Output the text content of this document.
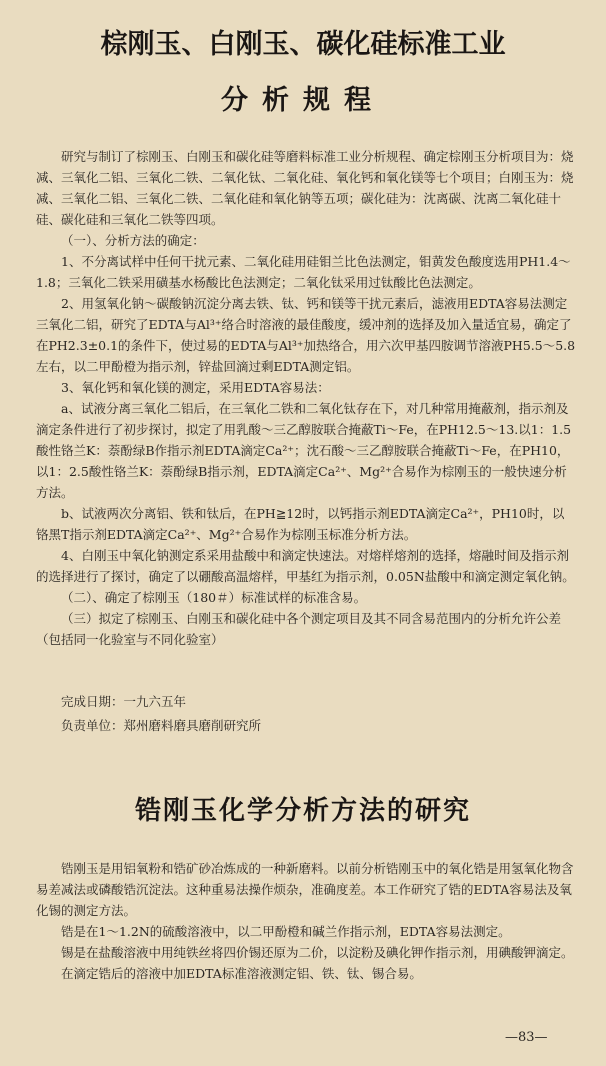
棕刚玉、白刚玉、碳化硅标准工业
分析规程

研究与制订了棕刚玉、白刚玉和碳化硅等磨料标准工业分析规程、确定棕刚玉分析项目为：烧减、三氧化二铝、三氧化二铁、二氧化钛、二氧化硅、氧化钙和氧化镁等七个项目；白刚玉为：烧减、三氧化二铝、三氧化二铁、二氧化硅和氧化钠等五项；碳化硅为：沈离碳、沈离二氧化硅十硅、碳化硅和三氧化二铁等四项。

（一）、分析方法的确定：

1、不分离试样中任何干扰元素、二氧化硅用硅钼兰比色法测定，钼黄发色酸度选用PH1.4～1.8；三氧化二铁采用磺基水杨酸比色法测定；二氧化钛采用过钛酸比色法测定。

2、用氢氧化钠～碳酸钠沉淀分离去铁、钛、钙和镁等干扰元素后，滤液用EDTA容易法测定三氧化二铝，研究了EDTA与Al³⁺络合时溶液的最佳酸度，缓冲剂的选择及加入量适宜易，确定了在PH2.3±0.1的条件下，使过易的EDTA与Al³⁺加热络合，用六次甲基四胺调节溶液PH5.5～5.8左右，以二甲酚橙为指示剂，锌盐回滴过剩EDTA测定铝。

3、氧化钙和氧化镁的测定，采用EDTA容易法：

a、试液分离三氧化二铝后，在三氧化二铁和二氧化钛存在下，对几种常用掩蔽剂，指示剂及滴定条件进行了初步探讨，拟定了用乳酸～三乙醇胺联合掩蔽Ti～Fe，在PH12.5～13.以1：1.5酸性铬兰K：萘酚绿B作指示剂EDTA滴定Ca²⁺；沈石酸～三乙醇胺联合掩蔽Ti～Fe，在PH10，以1：2.5酸性铬兰K：萘酚绿B指示剂，EDTA滴定Ca²⁺、Mg²⁺合易作为棕刚玉的一般快速分析方法。

b、试液两次分离铝、铁和钛后，在PH≧12时，以钙指示剂EDTA滴定Ca²⁺，PH10时，以铬黑T指示剂EDTA滴定Ca²⁺、Mg²⁺合易作为棕刚玉标准分析方法。

4、白刚玉中氧化钠测定系采用盐酸中和滴定快速法。对熔样熔剂的选择，熔融时间及指示剂的选择进行了探讨，确定了以硼酸高温熔样，甲基红为指示剂，0.05N盐酸中和滴定测定氧化钠。

（二）、确定了棕刚玉（180＃）标准试样的标准含易。

（三）拟定了棕刚玉、白刚玉和碳化硅中各个测定项目及其不同含易范围内的分析允许公差（包括同一化验室与不同化验室）

完成日期：一九六五年
负责单位：郑州磨料磨具磨削研究所
锆刚玉化学分析方法的研究

锆刚玉是用铝氧粉和锆矿砂冶炼成的一种新磨料。以前分析锆刚玉中的氧化锆是用氢氧化物含易差减法或磷酸锆沉淀法。这种重易法操作烦杂，准确度差。本工作研究了锆的EDTA容易法及氧化锡的测定方法。

锆是在1～1.2N的硫酸溶液中，以二甲酚橙和碱兰作指示剂，EDTA容易法测定。

锡是在盐酸溶液中用纯铁丝将四价锡还原为二价，以淀粉及碘化钾作指示剂，用碘酸钾滴定。

在滴定锆后的溶液中加EDTA标准溶液测定铝、铁、钛、锡合易。

—83—
